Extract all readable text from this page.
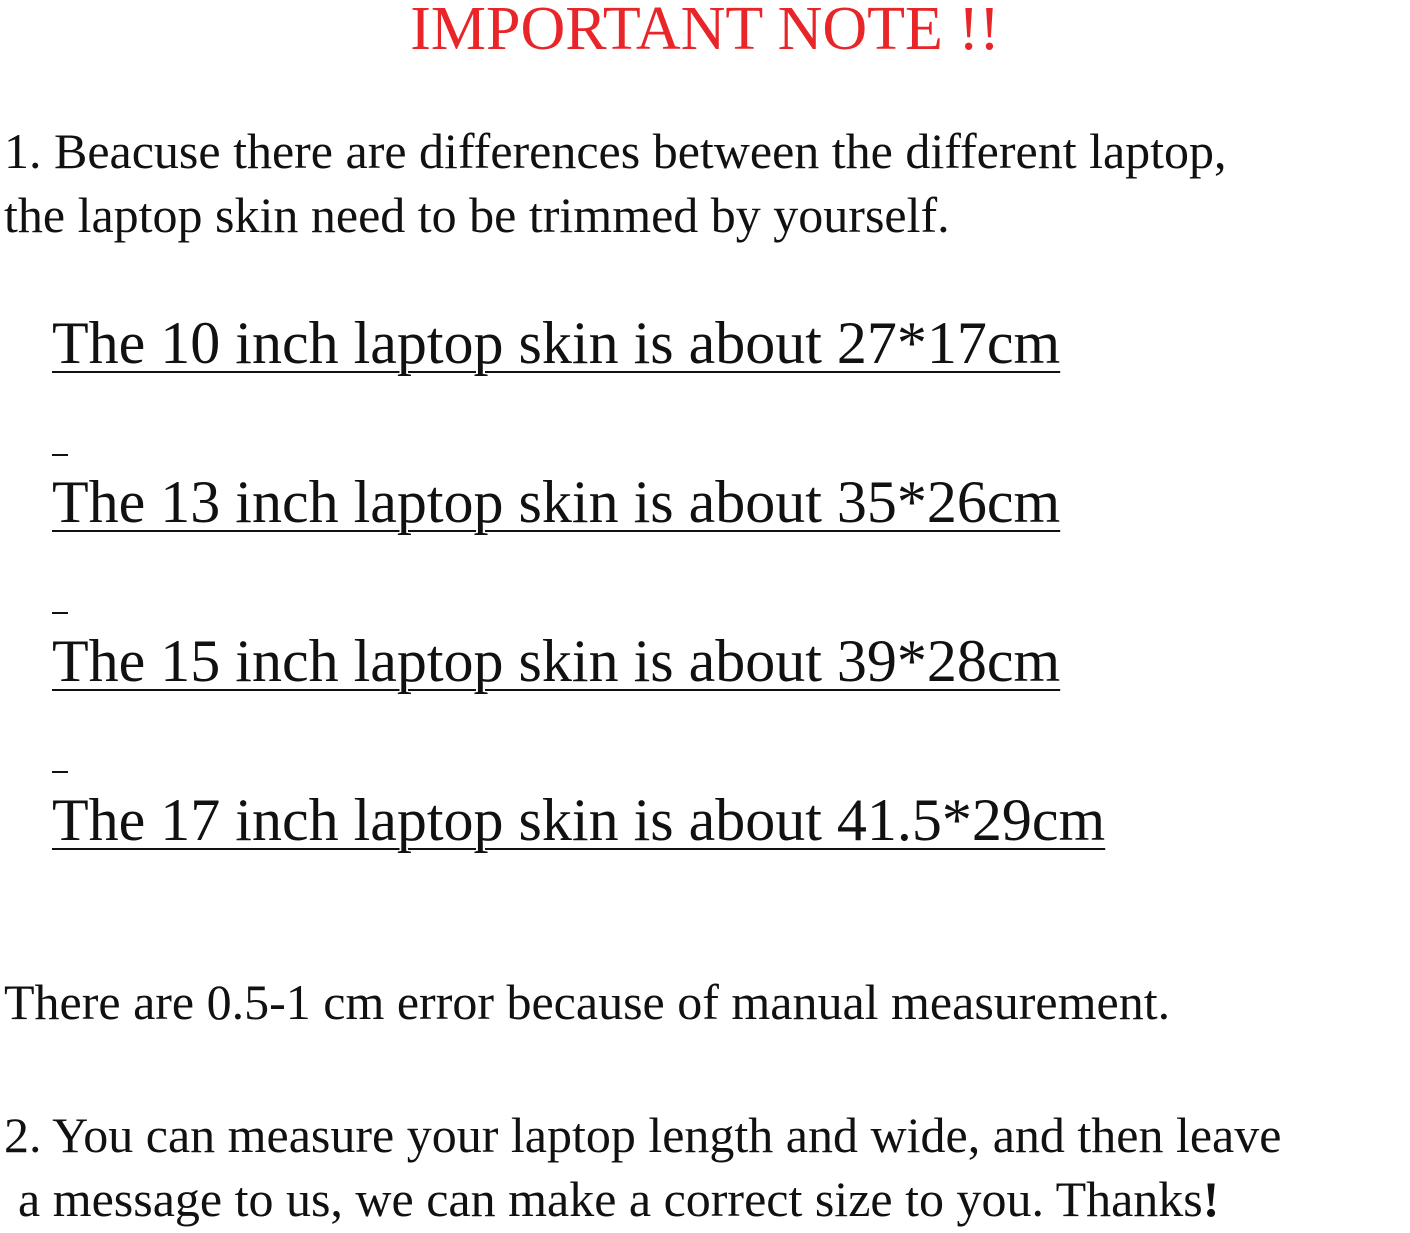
IMPORTANT NOTE !!
1. Beacuse there are differences between the different laptop,
the laptop skin need to be trimmed by yourself.
The 10 inch laptop skin is about 27*17cm
The 13 inch laptop skin is about 35*26cm
The 15 inch laptop skin is about 39*28cm
The 17 inch laptop skin is about 41.5*29cm
There are 0.5-1 cm error because of manual measurement.
2. You can measure your laptop length and wide, and then leave
a message to us, we can make a correct size to you. Thanks!
